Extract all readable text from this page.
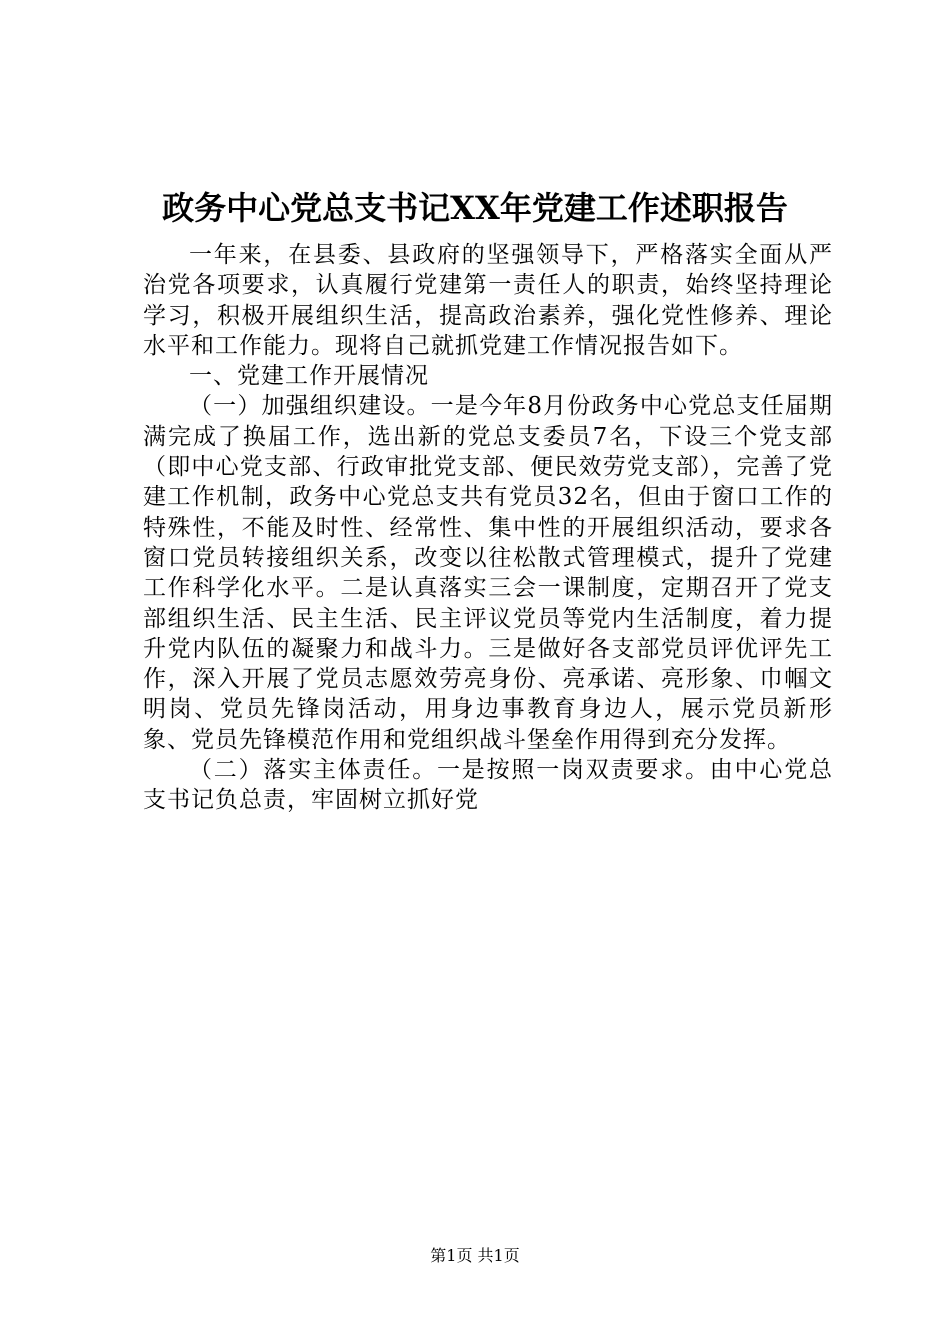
政务中心党总支书记XX年党建工作述职报告

一年来，在县委、县政府的坚强领导下，严格落实全面从严治党各项要求，认真履行党建第一责任人的职责，始终坚持理论学习，积极开展组织生活，提高政治素养，强化党性修养、理论水平和工作能力。现将自己就抓党建工作情况报告如下。

一、党建工作开展情况

（一）加强组织建设。一是今年8月份政务中心党总支任届期满完成了换届工作，选出新的党总支委员7名，下设三个党支部（即中心党支部、行政审批党支部、便民效劳党支部），完善了党建工作机制，政务中心党总支共有党员32名，但由于窗口工作的特殊性，不能及时性、经常性、集中性的开展组织活动，要求各窗口党员转接组织关系，改变以往松散式管理模式，提升了党建工作科学化水平。二是认真落实三会一课制度，定期召开了党支部组织生活、民主生活、民主评议党员等党内生活制度，着力提升党内队伍的凝聚力和战斗力。三是做好各支部党员评优评先工作，深入开展了党员志愿效劳亮身份、亮承诺、亮形象、巾帼文明岗、党员先锋岗活动，用身边事教育身边人，展示党员新形象、党员先锋模范作用和党组织战斗堡垒作用得到充分发挥。

（二）落实主体责任。一是按照一岗双责要求。由中心党总支书记负总责，牢固树立抓好党

第1页 共1页
